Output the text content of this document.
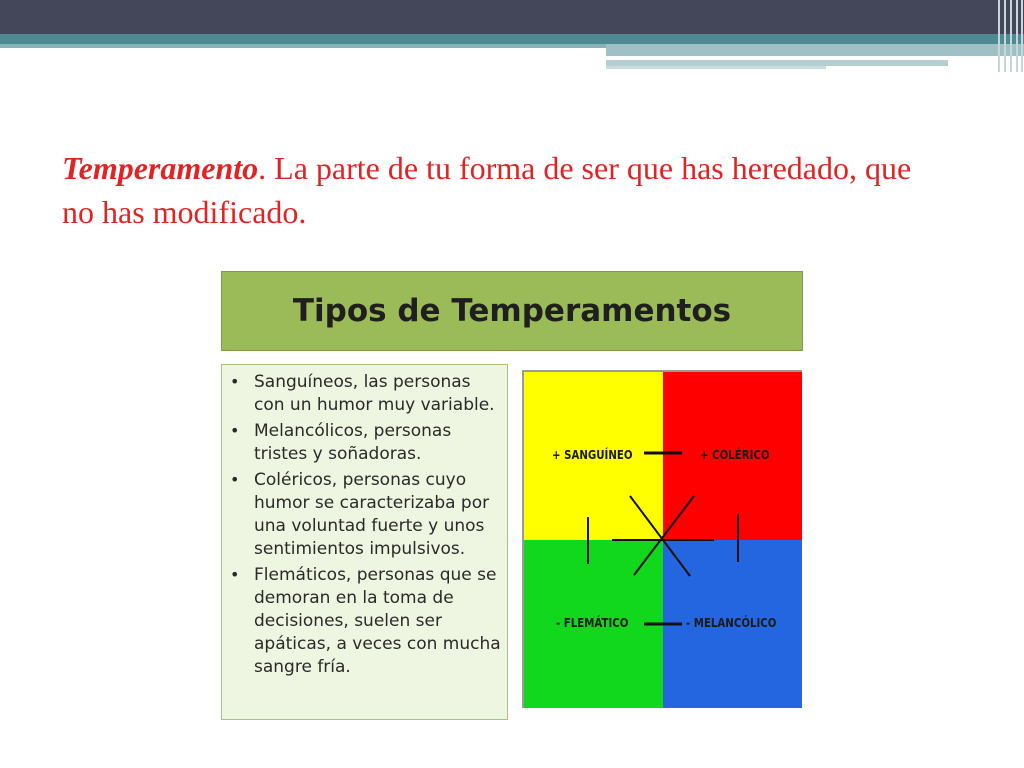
Temperamento. La parte de tu forma de ser que has heredado, que no has modificado.
Tipos de Temperamentos
• Sanguíneos, las personas con un humor muy variable.
• Melancólicos, personas tristes y soñadoras.
• Coléricos, personas cuyo humor se caracterizaba por una voluntad fuerte y unos sentimientos impulsivos.
• Flemáticos, personas que se demoran en la toma de decisiones, suelen ser apáticas, a veces con mucha sangre fría.
+ SANGUÍNEO	+ COLÉRICO
- FLEMÁTICO	- MELANCÓLICO
